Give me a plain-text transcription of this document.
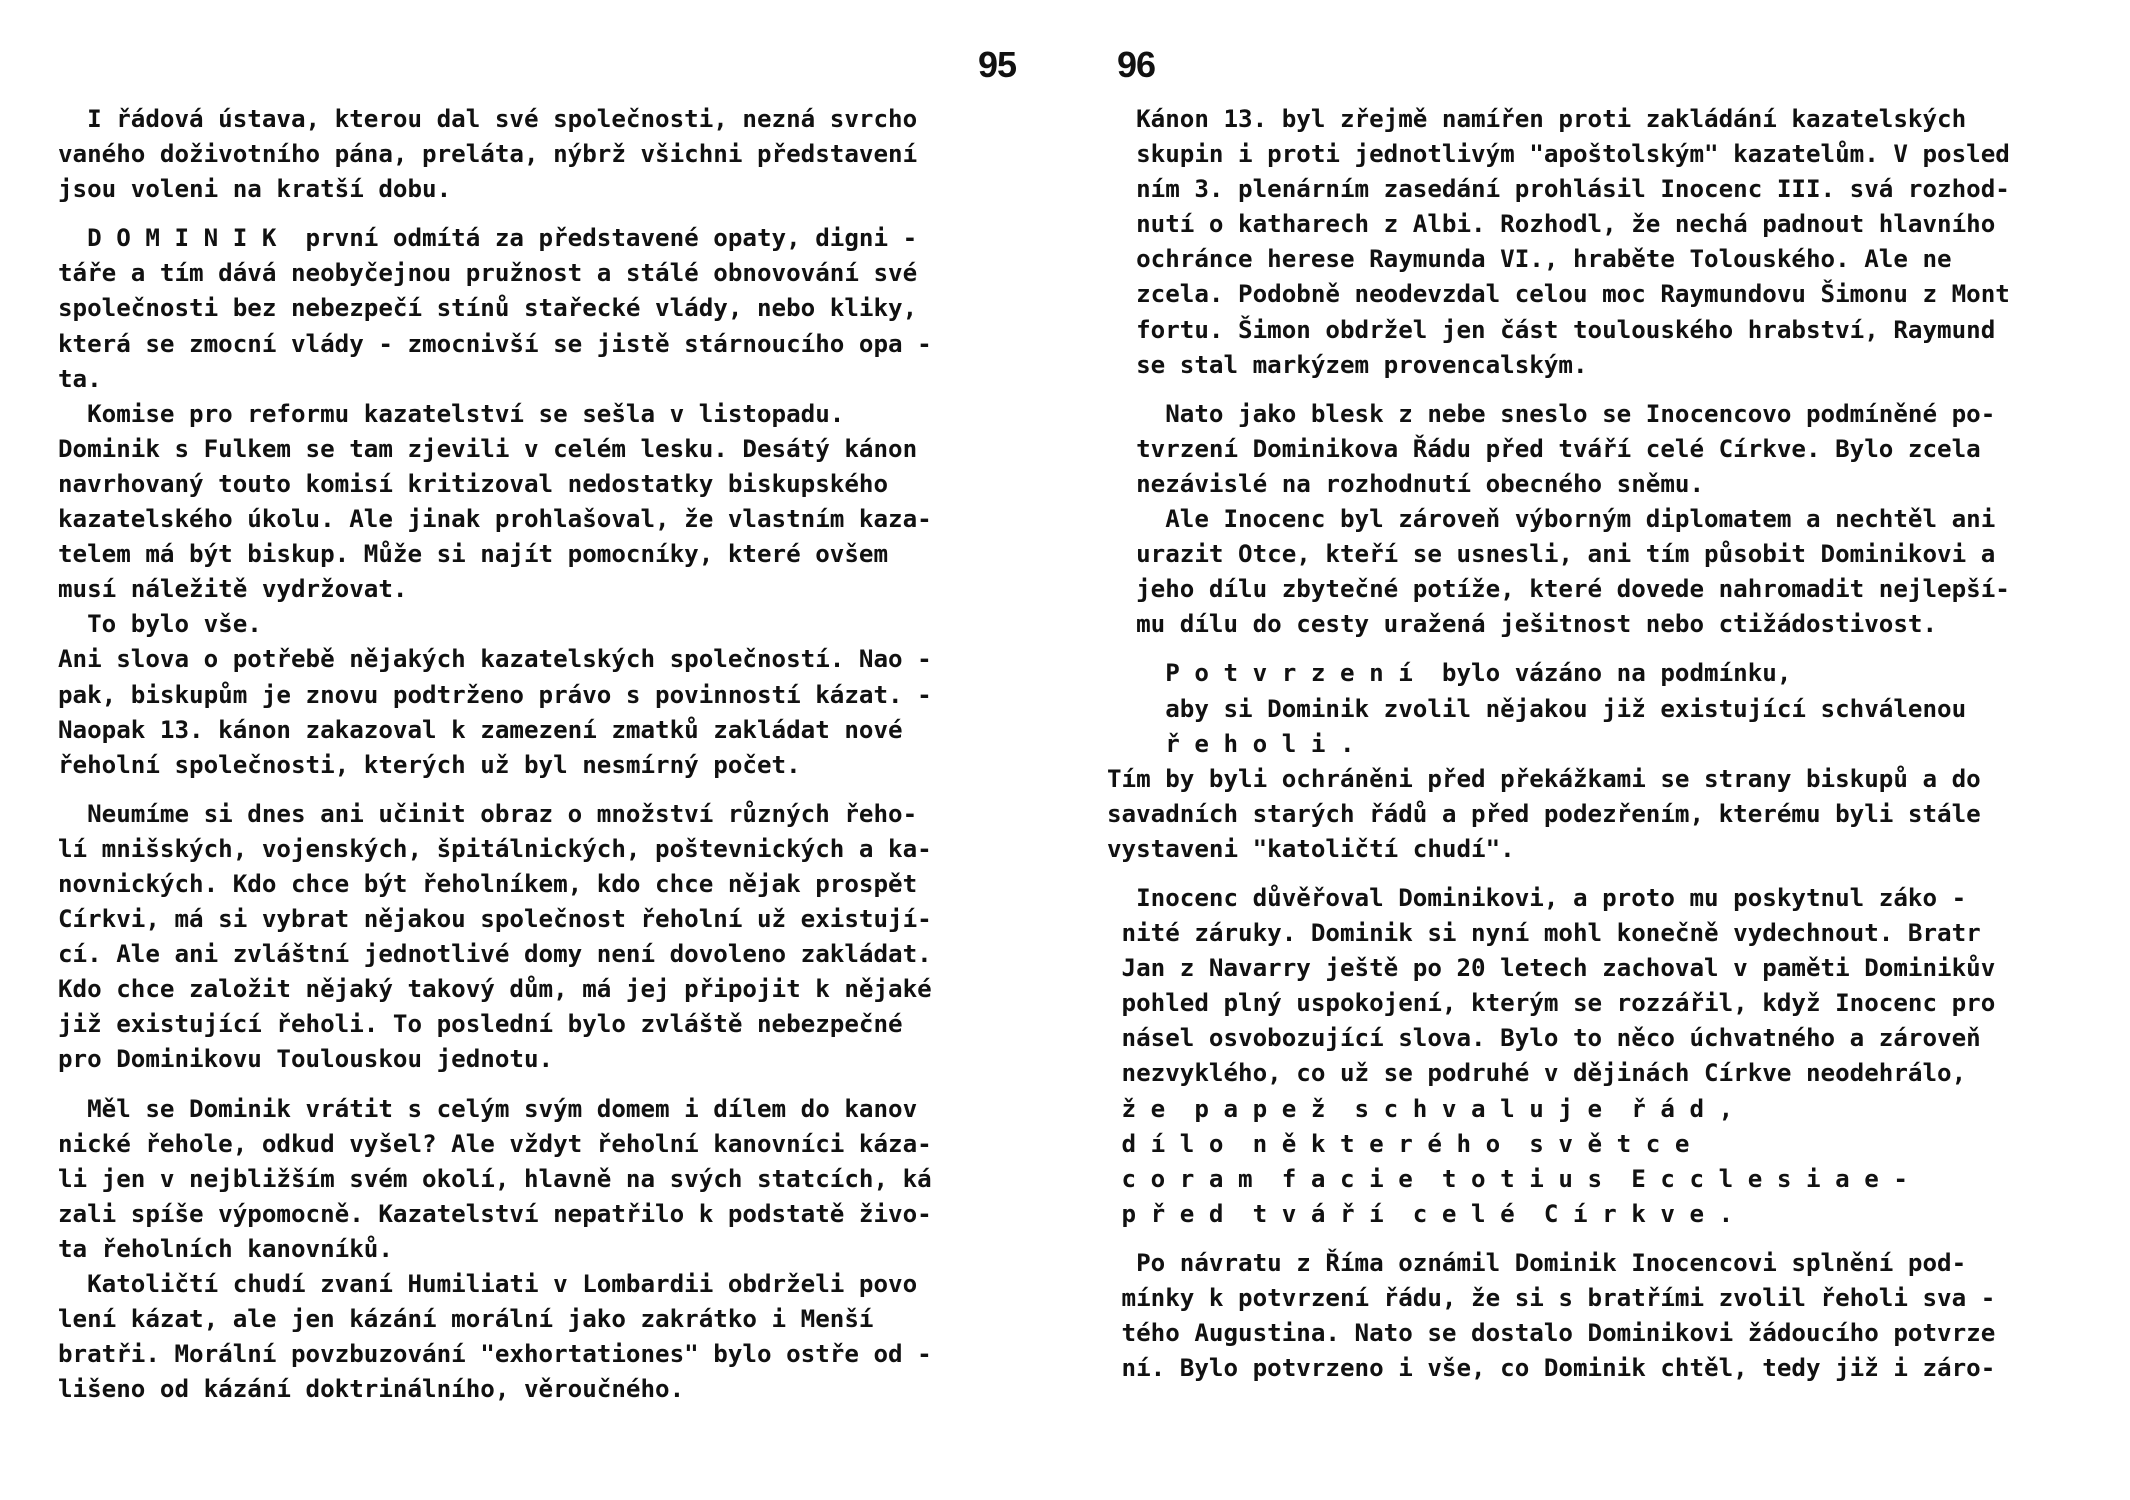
95
I řádová ústava, kterou dal své společnosti, nezná svrcho
vaného doživotního pána, preláta, nýbrž všichni představení
jsou voleni na kratší dobu.
D O M I N I K  první odmítá za představené opaty, digni -
táře a tím dává neobyčejnou pružnost a stálé obnovování své
společnosti bez nebezpečí stínů stařecké vlády, nebo kliky,
která se zmocní vlády - zmocnivší se jistě stárnoucího opa -
ta.
Komise pro reformu kazatelství se sešla v listopadu.
Dominik s Fulkem se tam zjevili v celém lesku. Desátý kánon
navrhovaný touto komisí kritizoval nedostatky biskupského
kazatelského úkolu. Ale jinak prohlašoval, že vlastním kaza-
telem má být biskup. Může si najít pomocníky, které ovšem
musí náležitě vydržovat.
To bylo vše.
Ani slova o potřebě nějakých kazatelských společností. Nao -
pak, biskupům je znovu podtrženo právo s povinností kázat. -
Naopak 13. kánon zakazoval k zamezení zmatků zakládat nové
řeholní společnosti, kterých už byl nesmírný počet.
Neumíme si dnes ani učinit obraz o množství různých řeho-
lí mnišských, vojenských, špitálnických, poštevnických a ka-
novnických. Kdo chce být řeholníkem, kdo chce nějak prospět
Církvi, má si vybrat nějakou společnost řeholní už existují-
cí. Ale ani zvláštní jednotlivé domy není dovoleno zakládat.
Kdo chce založit nějaký takový dům, má jej připojit k nějaké
již existující řeholi. To poslední bylo zvláště nebezpečné
pro Dominikovu Toulouskou jednotu.
Měl se Dominik vrátit s celým svým domem i dílem do kanov
nické řehole, odkud vyšel? Ale vždyt řeholní kanovníci káza-
li jen v nejbližším svém okolí, hlavně na svých statcích, ká
zali spíše výpomocně. Kazatelství nepatřilo k podstatě živo-
ta řeholních kanovníků.
Katoličtí chudí zvaní Humiliati v Lombardii obdrželi povo
lení kázat, ale jen kázání morální jako zakrátko i Menší
bratři. Morální povzbuzování "exhortationes" bylo ostře od -
lišeno od kázání doktrinálního, věroučného.
96
Kánon 13. byl zřejmě namířen proti zakládání kazatelských
skupin i proti jednotlivým "apoštolským" kazatelům. V posled
ním 3. plenárním zasedání prohlásil Inocenc III. svá rozhod-
nutí o katharech z Albi. Rozhodl, že nechá padnout hlavního
ochránce herese Raymunda VI., hraběte Tolouského. Ale ne
zcela. Podobně neodevzdal celou moc Raymundovu Šimonu z Mont
fortu. Šimon obdržel jen část toulouského hrabství, Raymund
se stal markýzem provencalským.
Nato jako blesk z nebe sneslo se Inocencovo podmíněné po-
tvrzení Dominikova Řádu před tváří celé Církve. Bylo zcela
nezávislé na rozhodnutí obecného sněmu.
Ale Inocenc byl zároveň výborným diplomatem a nechtěl ani
urazit Otce, kteří se usnesli, ani tím působit Dominikovi a
jeho dílu zbytečné potíže, které dovede nahromadit nejlepší-
mu dílu do cesty uražená ješitnost nebo ctižádostivost.
P o t v r z e n í  bylo vázáno na podmínku,
aby si Dominik zvolil nějakou již existující schválenou
ř e h o l i .
Tím by byli ochráněni před překážkami se strany biskupů a do
savadních starých řádů a před podezřením, kterému byli stále
vystaveni "katoličtí chudí".
Inocenc důvěřoval Dominikovi, a proto mu poskytnul záko -
nité záruky. Dominik si nyní mohl konečně vydechnout. Bratr
Jan z Navarry ještě po 20 letech zachoval v paměti Dominikův
pohled plný uspokojení, kterým se rozzářil, když Inocenc pro
násel osvobozující slova. Bylo to něco úchvatného a zároveň
nezvyklého, co už se podruhé v dějinách Církve neodehrálo,
ž e  p a p e ž  s c h v a l u j e  ř á d ,
d í l o  n ě k t e r é h o  s v ě t c e
c o r a m  f a c i e  t o t i u s  E c c l e s i a e -
p ř e d  t v á ř í  c e l é  C í r k v e .
Po návratu z Říma oznámil Dominik Inocencovi splnění pod-
mínky k potvrzení řádu, že si s bratřími zvolil řeholi sva -
tého Augustina. Nato se dostalo Dominikovi žádoucího potvrze
ní. Bylo potvrzeno i vše, co Dominik chtěl, tedy již i záro-
